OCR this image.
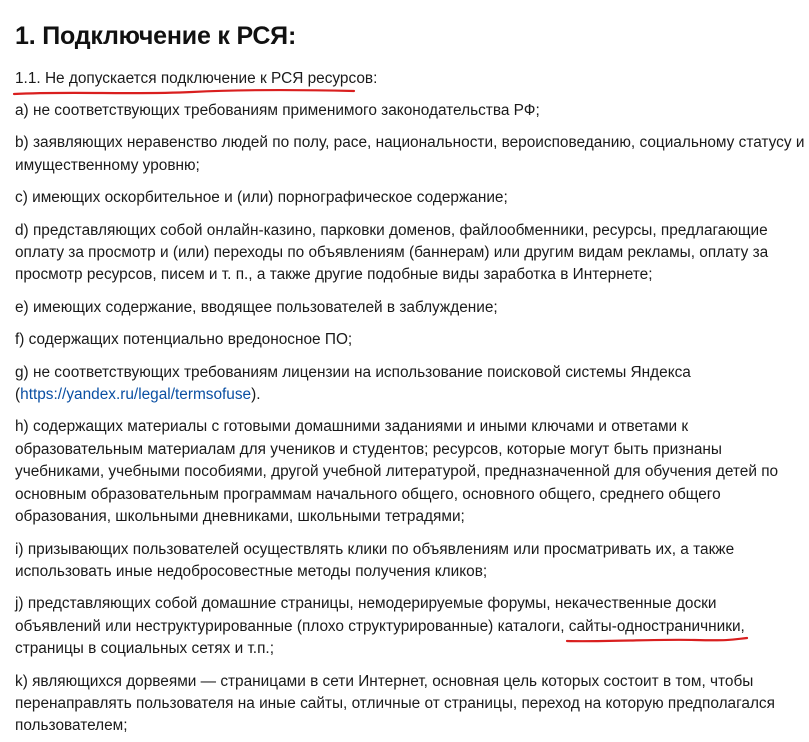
1. Подключение к РСЯ:
1.1. Не допускается подключение к РСЯ ресурсов:

a) не соответствующих требованиям применимого законодательства РФ;

b) заявляющих неравенство людей по полу, расе, национальности, вероисповеданию, социальному статусу и имущественному уровню;

c) имеющих оскорбительное и (или) порнографическое содержание;

d) представляющих собой онлайн-казино, парковки доменов, файлообменники, ресурсы, предлагающие оплату за просмотр и (или) переходы по объявлениям (баннерам) или другим видам рекламы, оплату за просмотр ресурсов, писем и т. п., а также другие подобные виды заработка в Интернете;

e) имеющих содержание, вводящее пользователей в заблуждение;

f) содержащих потенциально вредоносное ПО;

g) не соответствующих требованиям лицензии на использование поисковой системы Яндекса (https://yandex.ru/legal/termsofuse).

h) содержащих материалы с готовыми домашними заданиями и иными ключами и ответами к образовательным материалам для учеников и студентов; ресурсов, которые могут быть признаны учебниками, учебными пособиями, другой учебной литературой, предназначенной для обучения детей по основным образовательным программам начального общего, основного общего, среднего общего образования, школьными дневниками, школьными тетрадями;

i) призывающих пользователей осуществлять клики по объявлениям или просматривать их, а также использовать иные недобросовестные методы получения кликов;

j) представляющих собой домашние страницы, немодерируемые форумы, некачественные доски объявлений или неструктурированные (плохо структурированные) каталоги, сайты-одностраничники
, страницы в социальных сетях и т.п.;

k) являющихся дорвеями — страницами в сети Интернет, основная цель которых состоит в том, чтобы перенаправлять пользователя на иные сайты, отличные от страницы, переход на которую предполагался пользователем;
